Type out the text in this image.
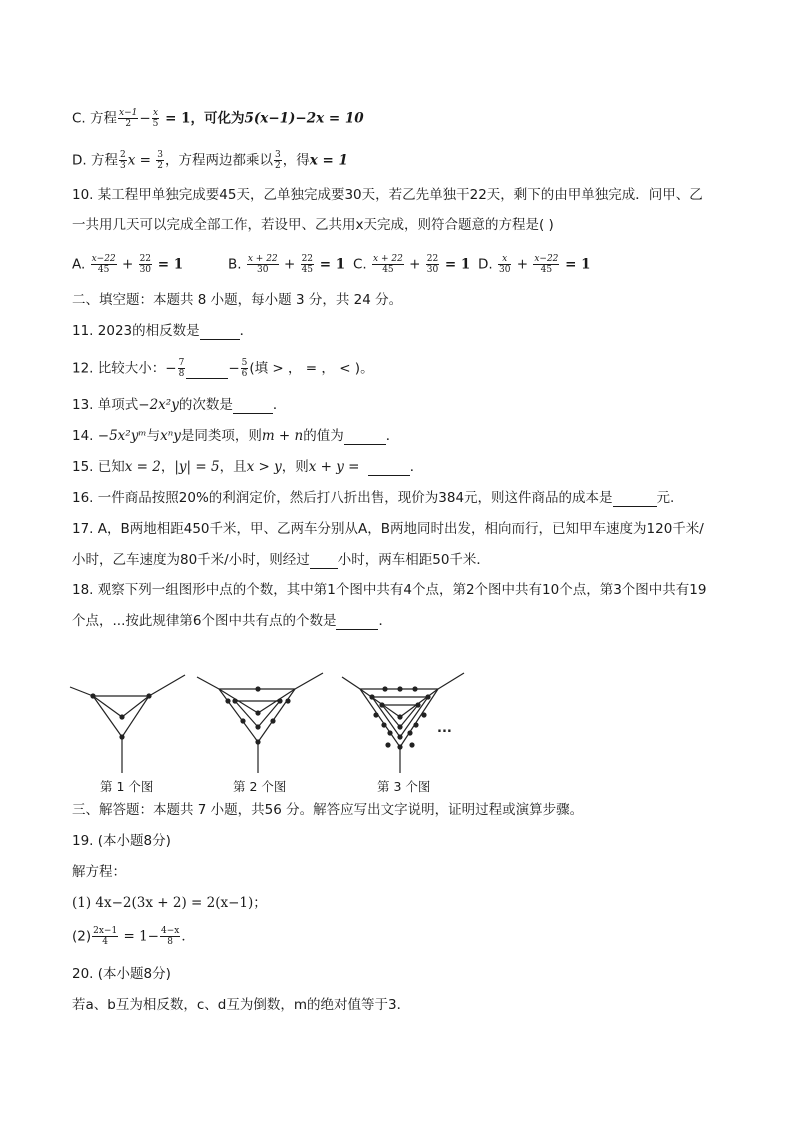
C. 方程 $\frac{x-1}{2} - \frac{x}{5} = 1$，可化为5(x−1)−2x = 10
D. 方程 $\frac{2}{3}$ $x = \frac{3}{2}$ ，方程两边都乘以 $\frac{3}{2}$ ，得x = 1
10. 某工程甲单独完成要45天，乙单独完成要30天，若乙先单独干22天，剩下的由甲单独完成．问甲、乙
一共用几天可以完成全部工作，若设甲、乙共用x天完成，则符合题意的方程是( )
A. $\frac{x-22}{45} + \frac{22}{30} = 1$	B. $\frac{x + 22}{30} + \frac{22}{45} = 1$ C. $\frac{x + 22}{45} + \frac{22}{30} = 1$ D. $\frac{x}{30} + \frac{x-22}{45} = 1$
二、填空题：本题共 8 小题，每小题 3 分，共 24 分。
11. 2023的相反数是	．
12. 比较大小：− $\frac{7}{8}$	− $\frac{5}{6}$ (填 > ， = ， < )。
13. 单项式−2x²y的次数是	．
14. −5x²yᵐ与xⁿy是同类项，则m + n的值为	．
15. 已知x = 2，|y| = 5，且x > y，则x + y =	．
16. 一件商品按照20%的利润定价，然后打八折出售，现价为384元，则这件商品的成本是	元.
17. A，B两地相距450千米，甲、乙两车分别从A，B两地同时出发，相向而行，已知甲车速度为120千米/
小时，乙车速度为80千米/小时，则经过 小时，两车相距50千米．
18. 观察下列一组图形中点的个数，其中第1个图中共有4个点，第2个图中共有10个点，第3个图中共有19
个点，...按此规律第6个图中共有点的个数是	．
...
第 1 个图	第 2 个图	第 3 个图
三、解答题：本题共 7 小题，共56 分。解答应写出文字说明，证明过程或演算步骤。
19. (本小题8分)
解方程：
(1) 4x−2(3x + 2) = 2(x−1)；
$(2) \frac{2x-1}{4} = 1- \frac{4-x}{8}$ ．
20. (本小题8分)
若a、b互为相反数，c、d互为倒数，m的绝对值等于3．
